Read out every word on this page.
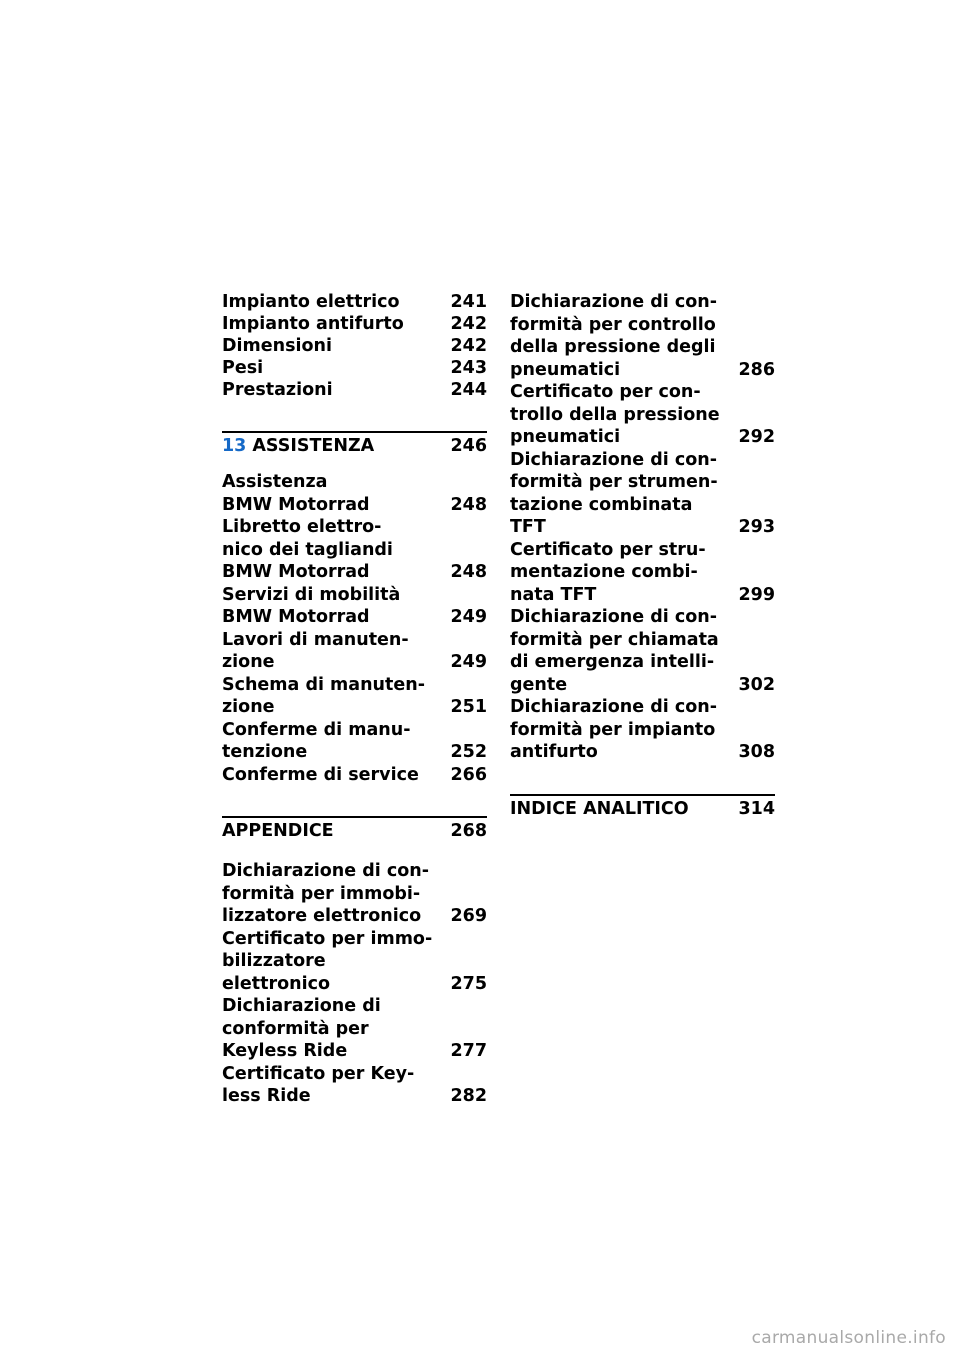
Impianto elettrico	241
Impianto antifurto	242
Dimensioni	242
Pesi	243
Prestazioni	244
13 ASSISTENZA	246
Assistenza
BMW Motorrad	248
Libretto elettro-
nico dei tagliandi
BMW Motorrad	248
Servizi di mobilità
BMW Motorrad	249
Lavori di manuten-
zione	249
Schema di manuten-
zione	251
Conferme di manu-
tenzione	252
Conferme di service	266
APPENDICE	268
Dichiarazione di con-
formità per immobi-
lizzatore elettronico	269
Certificato per immo-
bilizzatore elettronico	275
Dichiarazione di
conformità per
Keyless Ride	277
Certificato per Key-
less Ride	282
Dichiarazione di con-
formità per controllo
della pressione degli
pneumatici	286
Certificato per con-
trollo della pressione
pneumatici	292
Dichiarazione di con-
formità per strumen-
tazione combinata
TFT	293
Certificato per stru-
mentazione combi-
nata TFT	299
Dichiarazione di con-
formità per chiamata
di emergenza intelli-
gente	302
Dichiarazione di con-
formità per impianto
antifurto	308
INDICE ANALITICO	314
carmanualsonline.info
